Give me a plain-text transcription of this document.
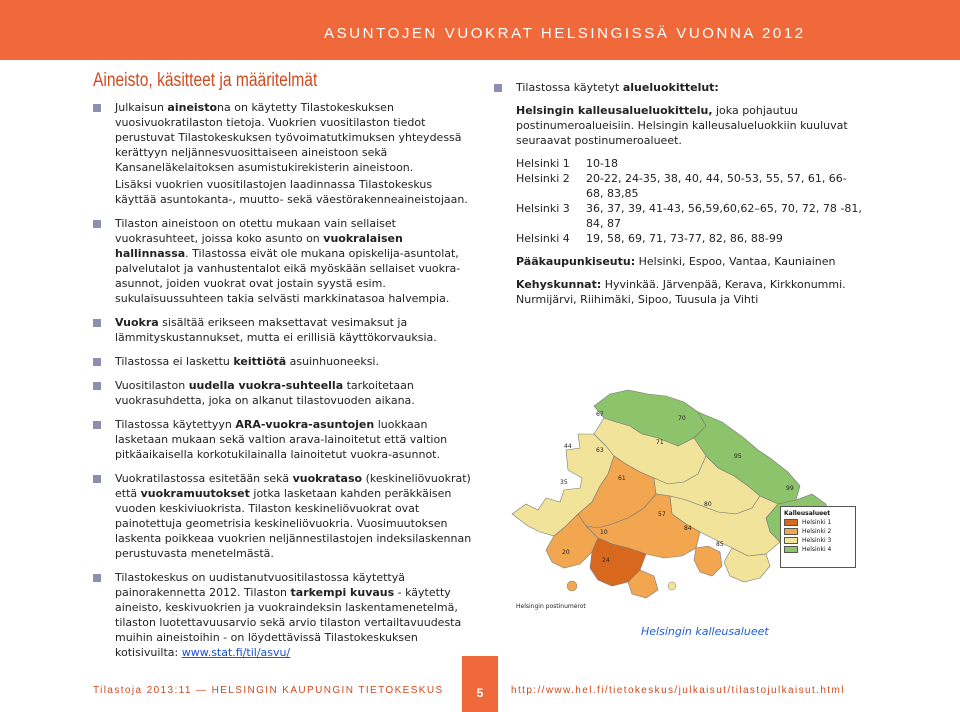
ASUNTOJEN VUOKRAT HELSINGISSÄ VUONNA 2012
Aineisto, käsitteet ja määritelmät

Julkaisun aineistona on käytetty Tilastokeskuksen vuosivuokratilaston tietoja. Vuokrien vuositilaston tiedot perustuvat Tilastokeskuksen työvoimatutkimuksen yhteydessä kerättyyn neljännesvuosittaiseen aineistoon sekä Kansaneläkelaitoksen asumistukirekisterin aineistoon.

Lisäksi vuokrien vuositilastojen laadinnassa Tilastokeskus käyttää asuntokanta-, muutto- sekä väestörakenneaineistojaan.

Tilaston aineistoon on otettu mukaan vain sellaiset vuokrasuhteet, joissa koko asunto on vuokralaisen hallinnassa. Tilastossa eivät ole mukana opiskelija-asuntolat, palvelutalot ja vanhustentalot eikä myöskään sellaiset vuokra-asunnot, joiden vuokrat ovat jostain syystä esim. sukulaisuussuhteen takia selvästi markkinatasoa halvempia.

Vuokra sisältää erikseen maksettavat vesimaksut ja lämmityskustannukset, mutta ei erillisiä käyttökorvauksia.

Tilastossa ei laskettu keittiötä asuinhuoneeksi.

Vuositilaston uudella vuokra-suhteella tarkoitetaan vuokrasuhdetta, joka on alkanut tilastovuoden aikana.

Tilastossa käytettyyn ARA-vuokra-asuntojen luokkaan lasketaan mukaan sekä valtion arava-lainoitetut että valtion pitkäaikaisella korkotukilainalla lainoitetut vuokra-asunnot.

Vuokratilastossa esitetään sekä vuokrataso (keskineliövuokrat) että vuokramuutokset jotka lasketaan kahden peräkkäisen vuoden keskiviuokrista. Tilaston keskineliövuokrat ovat painotettuja geometrisia keskineliövuokria. Vuosimuutoksen laskenta poikkeaa vuokrien neljännestilastojen indeksilaskennan perustuvasta menetelmästä.

Tilastokeskus on uudistanutvuositilastossa käytettyä painorakennetta 2012. Tilaston tarkempi kuvaus - käytetty aineisto, keskivuokrien ja vuokraindeksin laskentamenetelmä, tilaston luotettavuusarvio sekä arvio tilaston vertailtavuudesta muihin aineistoihin - on löydettävissä Tilastokeskuksen kotisivuilta: www.stat.fi/til/asvu/

Tilastossa käytetyt alueluokittelut:

Helsingin kalleusalueluokittelu, joka pohjautuu postinumeroalueisiin. Helsingin kalleusalueluokkiin kuuluvat seuraavat postinumeroalueet.

Helsinki 1	10-18
Helsinki 2	20-22, 24-35, 38, 40, 44, 50-53, 55, 57, 61, 66-68, 83,85
Helsinki 3	36, 37, 39, 41-43, 56,59,60,62–65, 70, 72, 78 -81, 84, 87
Helsinki 4	19, 58, 69, 71, 73-77, 82, 86, 88-99

Pääkaupunkiseutu: Helsinki, Espoo, Vantaa, Kauniainen

Kehyskunnat: Hyvinkää. Järvenpää, Kerava, Kirkkonummi. Nurmijärvi, Riihimäki, Sipoo, Tuusula ja Vihti

67
70
71
44
63
95
35
61
99
57
80
84
10
85
20
24
Kalleusalueet
Helsinki 1
Helsinki 2
Helsinki 3
Helsinki 4
Helsingin postinumerot
Helsingin kalleusalueet
Tilastoja 2013:11 — HELSINGIN KAUPUNGIN TIETOKESKUS	5	http://www.hel.fi/tietokeskus/julkaisut/tilastojulkaisut.html
